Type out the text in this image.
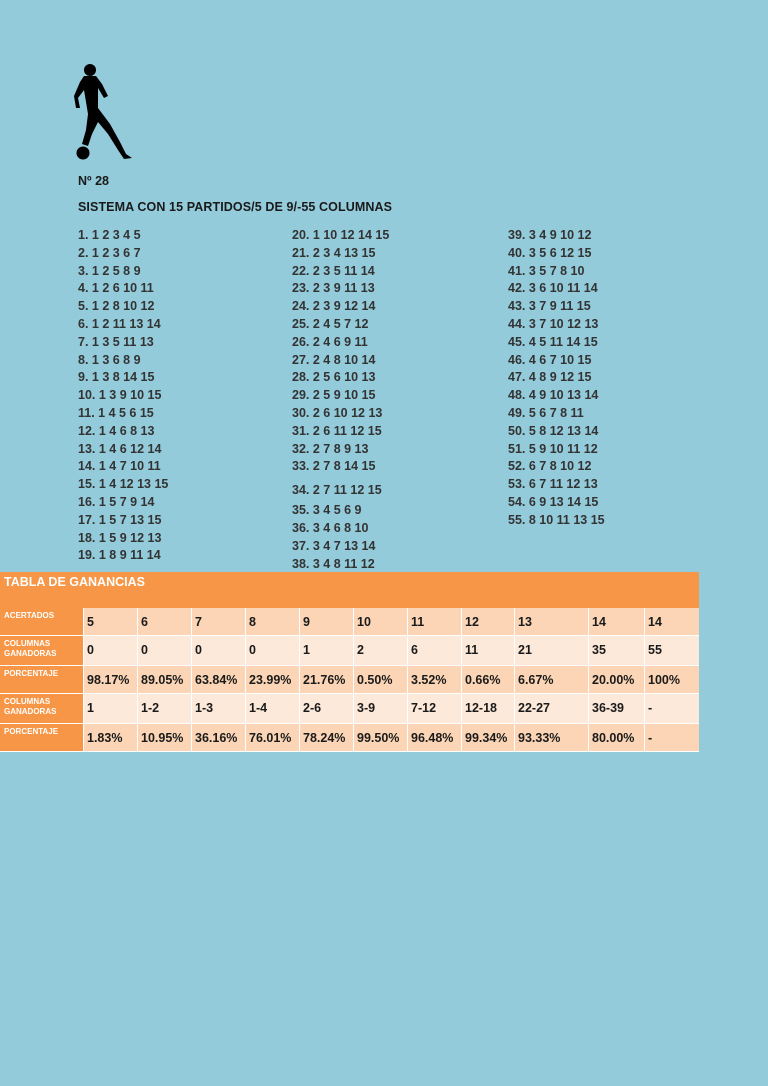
Nº 28
SISTEMA CON 15 PARTIDOS/5 DE 9/-55 COLUMNAS
1. 1 2 3 4 5
2. 1 2 3 6 7
3. 1 2 5 8 9
4. 1 2 6 10 11
5. 1 2 8 10 12
6. 1 2 11 13 14
7. 1 3 5 11 13
8. 1 3 6 8 9
9. 1 3 8 14 15
10. 1 3 9 10 15
11. 1 4 5 6 15
12. 1 4 6 8 13
13. 1 4 6 12 14
14. 1 4 7 10 11
15. 1 4 12 13 15
16. 1 5 7 9 14
17. 1 5 7 13 15
18. 1 5 9 12 13
19. 1 8 9 11 14
20. 1 10 12 14 15
21. 2 3 4 13 15
22. 2 3 5 11 14
23. 2 3 9 11 13
24. 2 3 9 12 14
25. 2 4 5 7 12
26. 2 4 6 9 11
27. 2 4 8 10 14
28. 2 5 6 10 13
29. 2 5 9 10 15
30. 2 6 10 12 13
31. 2 6 11 12 15
32. 2 7 8 9 13
33. 2 7 8 14 15
34. 2 7 11 12 15
35. 3 4 5 6 9
36. 3 4 6 8 10
37. 3 4 7 13 14
38. 3 4 8 11 12
39. 3 4 9 10 12
40. 3 5 6 12 15
41. 3 5 7 8 10
42. 3 6 10 11 14
43. 3 7 9 11 15
44. 3 7 10 12 13
45. 4 5 11 14 15
46. 4 6 7 10 15
47. 4 8 9 12 15
48. 4 9 10 13 14
49. 5 6 7 8 11
50. 5 8 12 13 14
51. 5 9 10 11 12
52. 6 7 8 10 12
53. 6 7 11 12 13
54. 6 9 13 14 15
55. 8 10 11 13 15
TABLA DE GANANCIAS
ACERTADOS	5	6	7	8	9	10	11	12	13	14	14
COLUMNAS GANADORAS	0	0	0	0	1	2	6	11	21	35	55
PORCENTAJE	98.17% 89.05% 63.84% 23.99% 21.76% 0.50%	3.52%	0.66%	6.67%	20.00%	100%
COLUMNAS GANADORAS	1	1-2	1-3	1-4	2-6	3-9	7-12	12-18	22-27	36-39	-
PORCENTAJE	1.83%	10.95% 36.16% 76.01% 78.24% 99.50% 96.48% 99.34% 93.33%	80.00%	-
